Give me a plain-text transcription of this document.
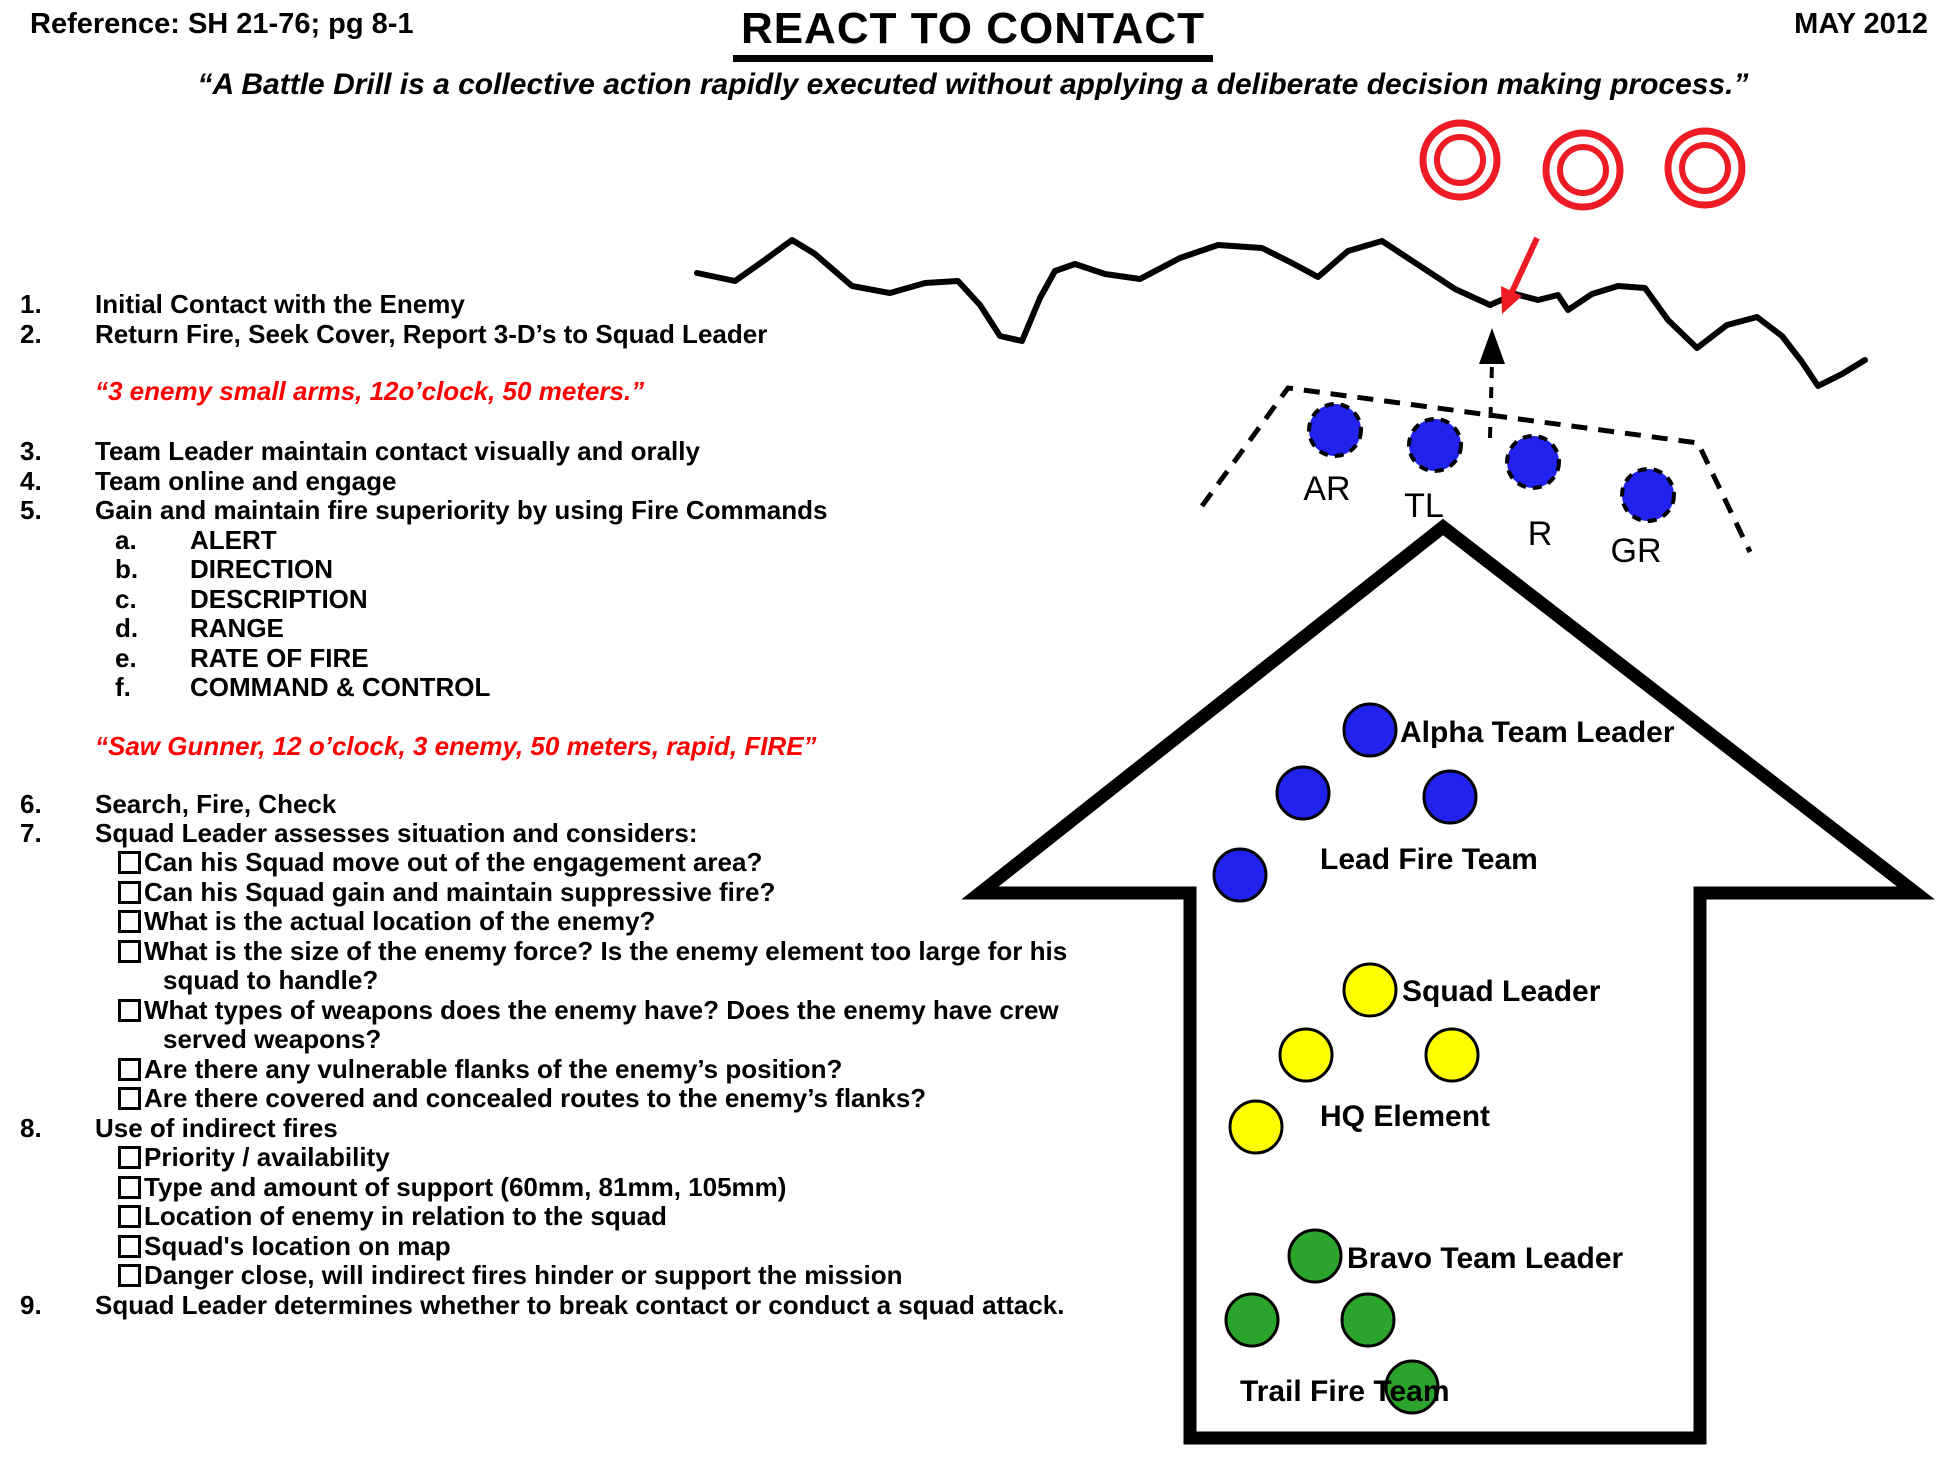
Reference: SH 21-76; pg 8-1	MAY 2012
REACT TO CONTACT
“A Battle Drill is a collective action rapidly executed without applying a deliberate decision making process.”
1. Initial Contact with the Enemy
2. Return Fire, Seek Cover, Report 3-D’s to Squad Leader
“3 enemy small arms, 12o’clock, 50 meters.”
3. Team Leader maintain contact visually and orally
4. Team online and engage
5. Gain and maintain fire superiority by using Fire Commands
a. ALERT
b. DIRECTION
c. DESCRIPTION
d. RANGE
e. RATE OF FIRE
f. COMMAND & CONTROL
“Saw Gunner, 12 o’clock, 3 enemy, 50 meters, rapid, FIRE”
6. Search, Fire, Check
7. Squad Leader assesses situation and considers:
Can his Squad move out of the engagement area?
Can his Squad gain and maintain suppressive fire?
What is the actual location of the enemy?
What is the size of the enemy force? Is the enemy element too large for his
squad to handle?
What types of weapons does the enemy have? Does the enemy have crew
served weapons?
Are there any vulnerable flanks of the enemy’s position?
Are there covered and concealed routes to the enemy’s flanks?
8. Use of indirect fires
Priority / availability
Type and amount of support (60mm, 81mm, 105mm)
Location of enemy in relation to the squad
Squad's location on map
Danger close, will indirect fires hinder or support the mission
9. Squad Leader determines whether to break contact or conduct a squad attack.
AR TL
R GR
Alpha Team Leader
Lead Fire Team
Squad Leader
HQ Element
Bravo Team Leader
Trail Fire Team
